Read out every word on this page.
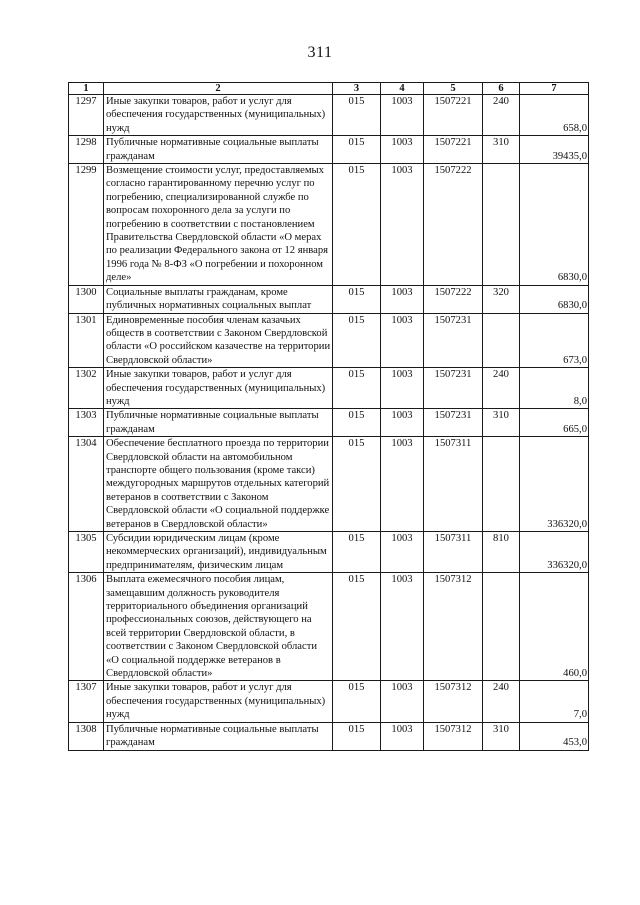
311
1	2	3	4	5	6	7
1297	Иные закупки товаров, работ и услуг для обеспечения государственных (муниципальных) нужд	015	1003	1507221	240	658,0
1298	Публичные нормативные социальные выплаты гражданам	015	1003	1507221	310	39435,0
1299	Возмещение стоимости услуг, предоставляемых согласно гарантированному перечню услуг по погребению, специализированной службе по вопросам похоронного дела за услуги по погребению в соответствии с постановлением Правительства Свердловской области «О мерах по реализации Федерального закона от 12 января 1996 года № 8-ФЗ «О погребении и похоронном деле»	015	1003	1507222		6830,0
1300	Социальные выплаты гражданам, кроме публичных нормативных социальных выплат	015	1003	1507222	320	6830,0
1301	Единовременные пособия членам казачьих обществ в соответствии с Законом Свердловской области «О российском казачестве на территории Свердловской области»	015	1003	1507231		673,0
1302	Иные закупки товаров, работ и услуг для обеспечения государственных (муниципальных) нужд	015	1003	1507231	240	8,0
1303	Публичные нормативные социальные выплаты гражданам	015	1003	1507231	310	665,0
1304	Обеспечение бесплатного проезда по территории Свердловской области на автомобильном транспорте общего пользования (кроме такси) междугородных маршрутов отдельных категорий ветеранов в соответствии с Законом Свердловской области «О социальной поддержке ветеранов в Свердловской области»	015	1003	1507311		336320,0
1305	Субсидии юридическим лицам (кроме некоммерческих организаций), индивидуальным предпринимателям, физическим лицам	015	1003	1507311	810	336320,0
1306	Выплата ежемесячного пособия лицам, замещавшим должность руководителя территориального объединения организаций профессиональных союзов, действующего на всей территории Свердловской области, в соответствии с Законом Свердловской области «О социальной поддержке ветеранов в Свердловской области»	015	1003	1507312		460,0
1307	Иные закупки товаров, работ и услуг для обеспечения государственных (муниципальных) нужд	015	1003	1507312	240	7,0
1308	Публичные нормативные социальные выплаты гражданам	015	1003	1507312	310	453,0
